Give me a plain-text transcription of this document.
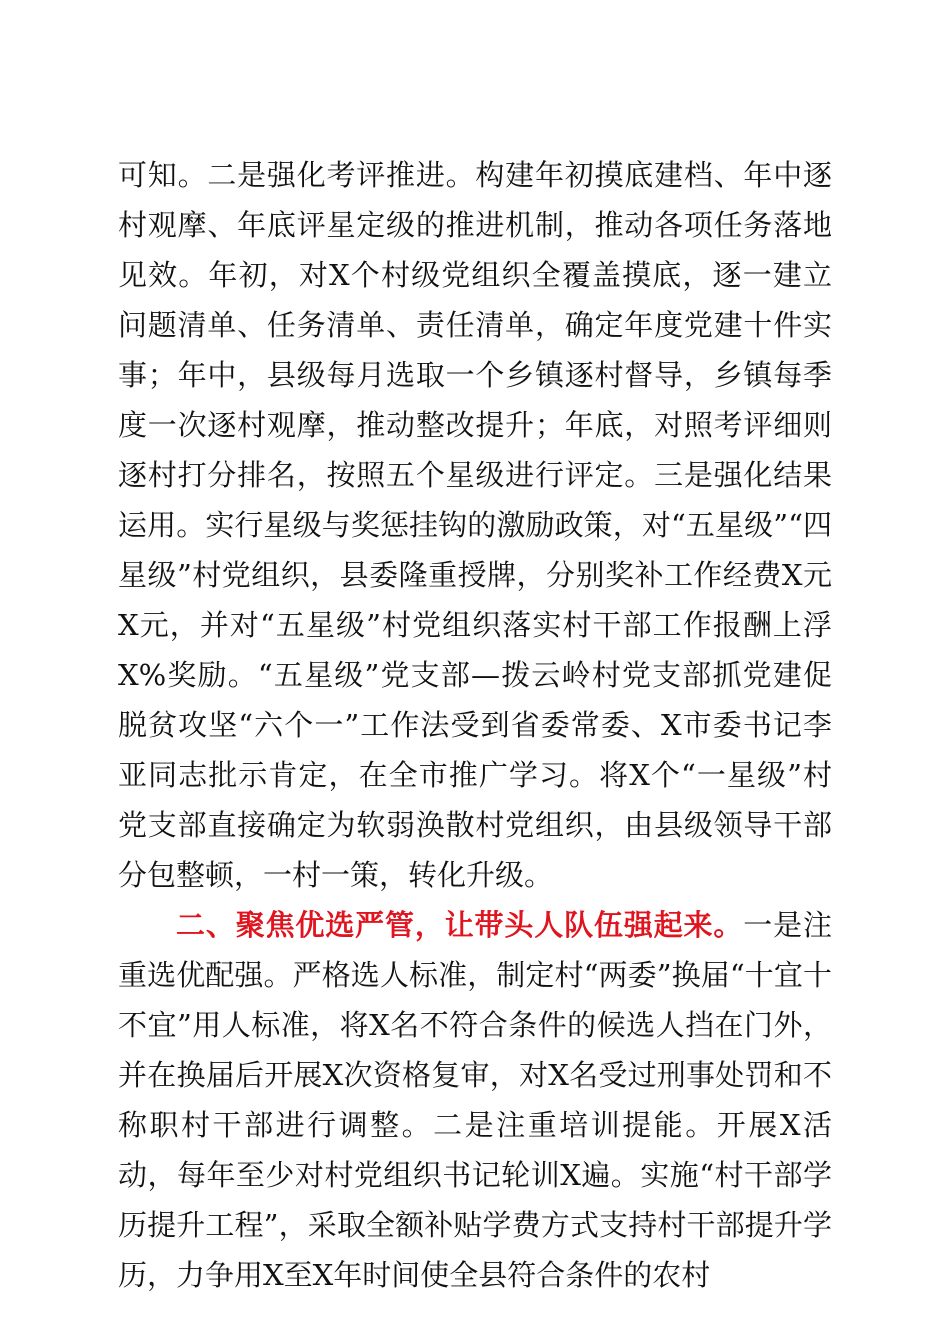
可知。二是强化考评推进。构建年初摸底建档、年中逐村观摩、年底评星定级的推进机制，推动各项任务落地见效。年初，对X个村级党组织全覆盖摸底，逐一建立问题清单、任务清单、责任清单，确定年度党建十件实事；年中，县级每月选取一个乡镇逐村督导，乡镇每季度一次逐村观摩，推动整改提升；年底，对照考评细则逐村打分排名，按照五个星级进行评定。三是强化结果运用。实行星级与奖惩挂钩的激励政策，对“五星级”“四星级”村党组织，县委隆重授牌，分别奖补工作经费X元X元，并对“五星级”村党组织落实村干部工作报酬上浮X%奖励。“五星级”党支部—拨云岭村党支部抓党建促脱贫攻坚“六个一”工作法受到省委常委、X市委书记李亚同志批示肯定，在全市推广学习。将X个“一星级”村党支部直接确定为软弱涣散村党组织，由县级领导干部分包整顿，一村一策，转化升级。

二、聚焦优选严管，让带头人队伍强起来。一是注重选优配强。严格选人标准，制定村“两委”换届“十宜十不宜”用人标准，将X名不符合条件的候选人挡在门外，并在换届后开展X次资格复审，对X名受过刑事处罚和不称职村干部进行调整。二是注重培训提能。开展X活动，每年至少对村党组织书记轮训X遍。实施“村干部学历提升工程”，采取全额补贴学费方式支持村干部提升学历，力争用X至X年时间使全县符合条件的农村
